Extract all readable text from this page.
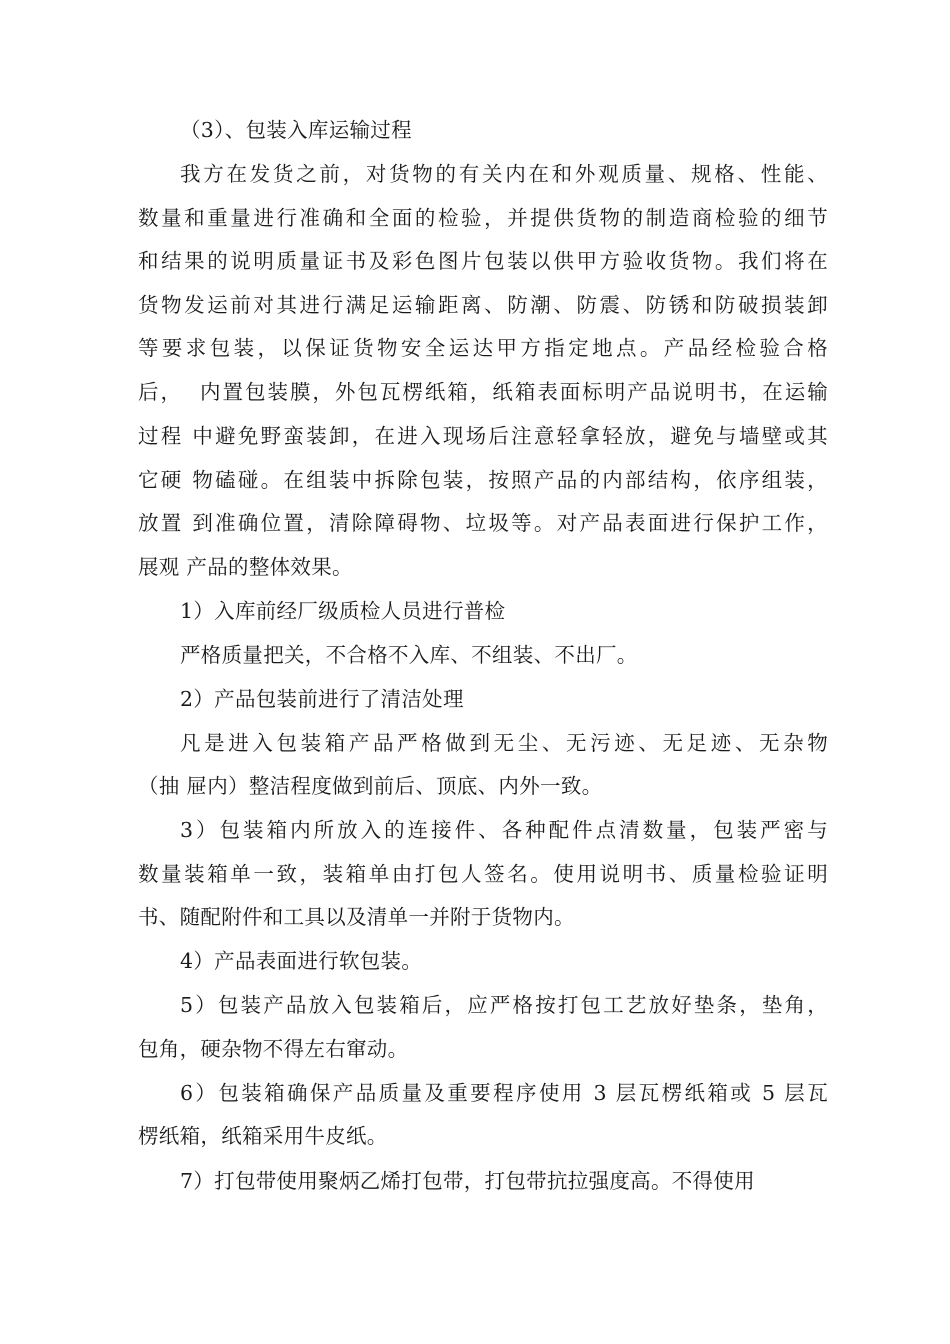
（3）、包装入库运输过程
我方在发货之前，对货物的有关内在和外观质量、规格、性能、
数量和重量进行准确和全面的检验，并提供货物的制造商检验的细节
和结果的说明质量证书及彩色图片包装以供甲方验收货物。我们将在
货物发运前对其进行满足运输距离、防潮、防震、防锈和防破损装卸
等要求包装，以保证货物安全运达甲方指定地点。产品经检验合格
后，  内置包装膜，外包瓦楞纸箱，纸箱表面标明产品说明书，在运输
过程 中避免野蛮装卸，在进入现场后注意轻拿轻放，避免与墙壁或其
它硬 物磕碰。在组装中拆除包装，按照产品的内部结构，依序组装，
放置 到准确位置，清除障碍物、垃圾等。对产品表面进行保护工作，
展观 产品的整体效果。
1）入库前经厂级质检人员进行普检
严格质量把关，不合格不入库、不组装、不出厂。
2）产品包装前进行了清洁处理
凡是进入包装箱产品严格做到无尘、无污迹、无足迹、无杂物
（抽 屉内）整洁程度做到前后、顶底、内外一致。
3）包装箱内所放入的连接件、各种配件点清数量，包装严密与
数量装箱单一致，装箱单由打包人签名。使用说明书、质量检验证明
书、随配附件和工具以及清单一并附于货物内。
4）产品表面进行软包装。
5）包装产品放入包装箱后，应严格按打包工艺放好垫条，垫角，
包角，硬杂物不得左右窜动。
6）包装箱确保产品质量及重要程序使用 3 层瓦楞纸箱或 5 层瓦
楞纸箱，纸箱采用牛皮纸。
7）打包带使用聚炳乙烯打包带，打包带抗拉强度高。不得使用
